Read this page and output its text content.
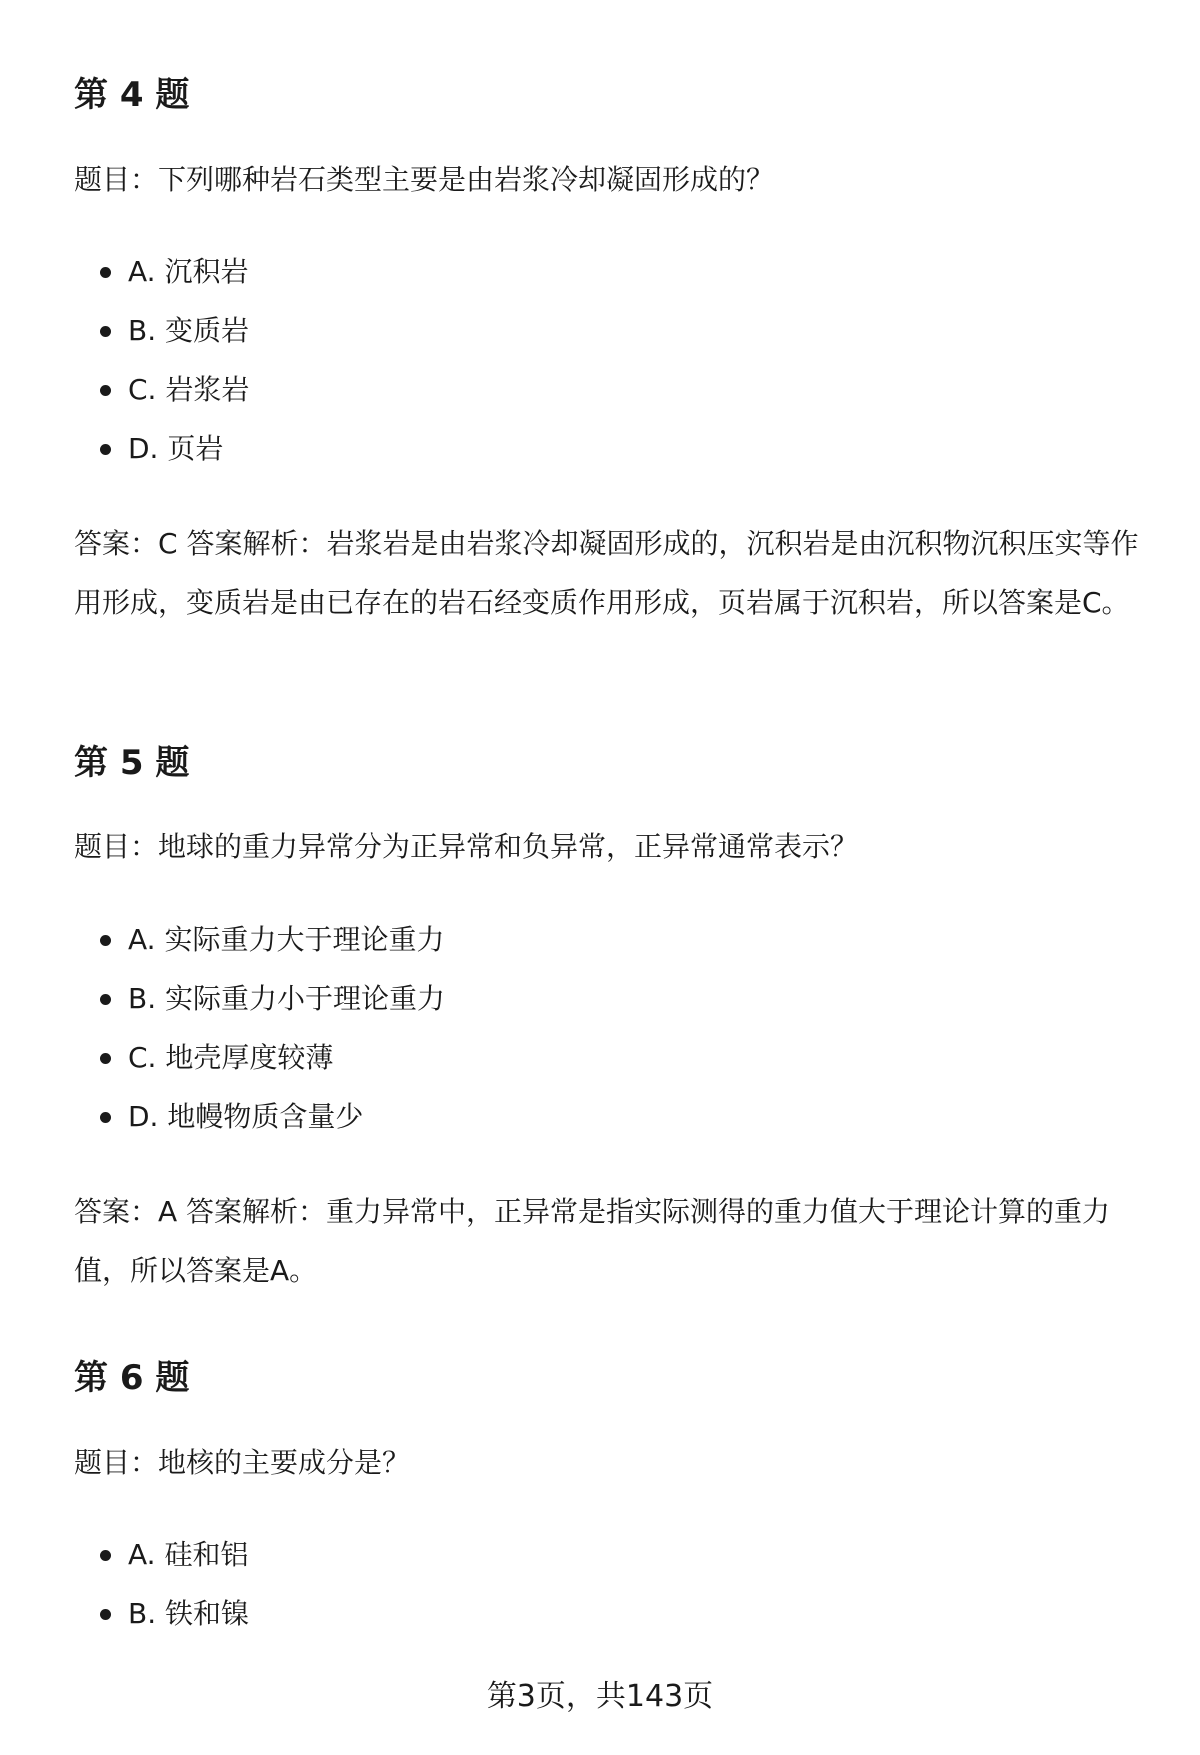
第 4 题

题目：下列哪种岩石类型主要是由岩浆冷却凝固形成的？

A. 沉积岩
B. 变质岩
C. 岩浆岩
D. 页岩

答案：C 答案解析：岩浆岩是由岩浆冷却凝固形成的，沉积岩是由沉积物沉积压实等作用形成，变质岩是由已存在的岩石经变质作用形成，页岩属于沉积岩，所以答案是C。

第 5 题

题目：地球的重力异常分为正异常和负异常，正异常通常表示？

A. 实际重力大于理论重力
B. 实际重力小于理论重力
C. 地壳厚度较薄
D. 地幔物质含量少

答案：A 答案解析：重力异常中，正异常是指实际测得的重力值大于理论计算的重力值，所以答案是A。

第 6 题

题目：地核的主要成分是？

A. 硅和铝
B. 铁和镍
第3页，共143页
